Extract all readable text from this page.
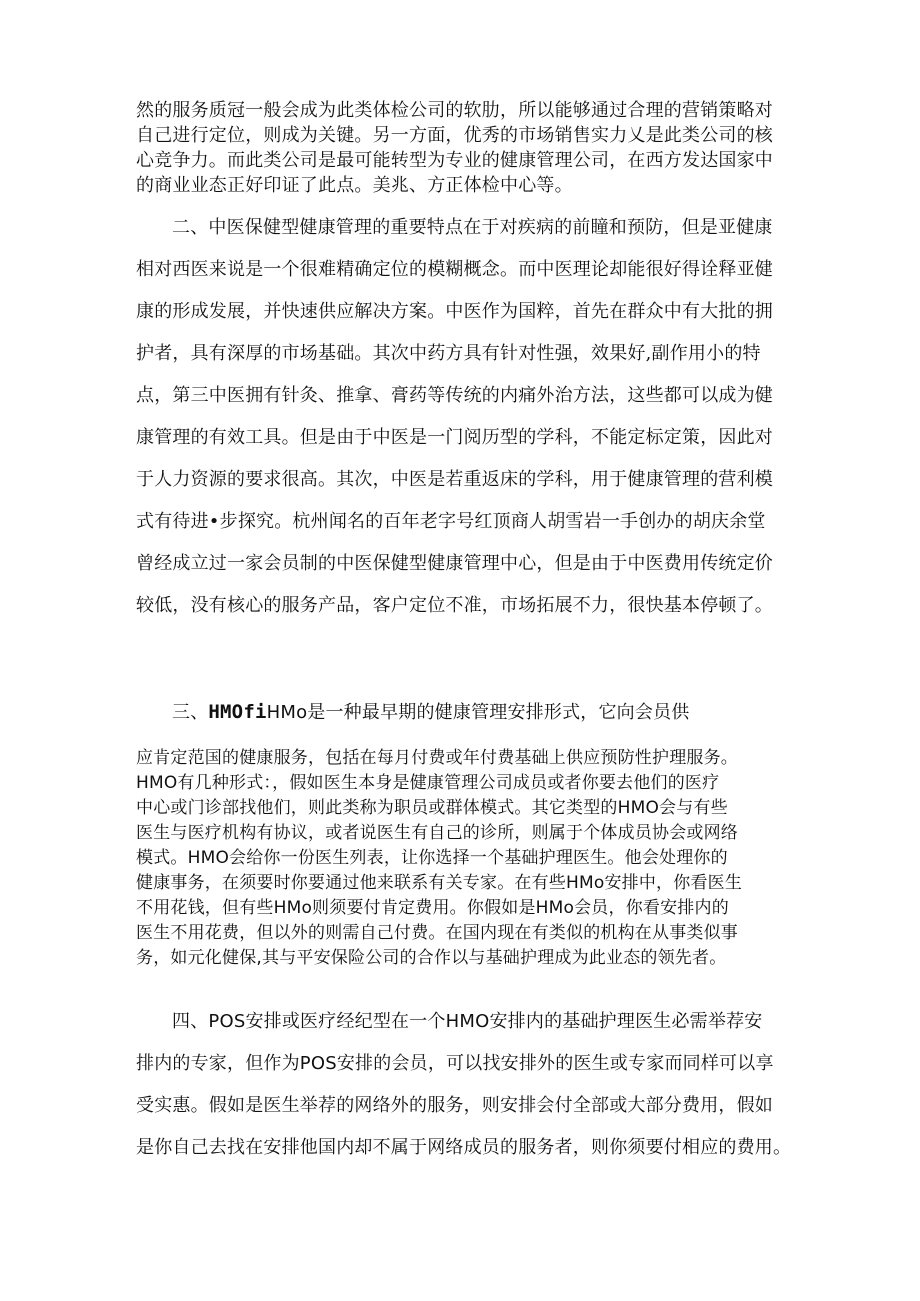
然的服务质冠一般会成为此类体检公司的软肋，所以能够通过合理的营销策略对
自己进行定位，则成为关键。另一方面，优秀的市场销售实力乂是此类公司的核
心竞争力。而此类公司是最可能转型为专业的健康管理公司，在西方发达国家中
的商业业态正好印证了此点。美兆、方正体检中心等。
二、中医保健型健康管理的重要特点在于对疾病的前瞳和预防，但是亚健康
相对西医来说是一个很难精确定位的模糊概念。而中医理论却能很好得诠释亚健
康的形成发展，并快速供应解决方案。中医作为国粹，首先在群众中有大批的拥
护者，具有深厚的市场基础。其次中药方具有针对性强，效果好,副作用小的特
点，第三中医拥有针灸、推拿、膏药等传统的内痛外治方法，这些都可以成为健
康管理的有效工具。但是由于中医是一门阅历型的学科，不能定标定策，因此对
于人力资源的要求很高。其次，中医是若重返床的学科，用于健康管理的营利模
式有待进•步探究。杭州闻名的百年老字号红顶商人胡雪岩一手创办的胡庆余堂
曾经成立过一家会员制的中医保健型健康管理中心，但是由于中医费用传统定价
较低，没有核心的服务产品，客户定位不准，市场拓展不力，很快基本停顿了。
三、HMOfiHMo是一种最早期的健康管理安排形式，它向会员供
应肯定范国的健康服务，包括在每月付费或年付费基础上供应预防性护理服务。
HMO有几种形式：，假如医生本身是健康管理公司成员或者你要去他们的医疗
中心或门诊部找他们，则此类称为职员或群体模式。其它类型的HMO会与有些
医生与医疗机构有协议，或者说医生有自己的诊所，则属于个体成员协会或网络
模式。HMO会给你一份医生列表，让你选择一个基础护理医生。他会处理你的
健康事务，在须要时你要通过他来联系有关专家。在有些HMo安排中，你看医生
不用花钱，但有些HMo则须要付肯定费用。你假如是HMo会员，你看安排内的
医生不用花费，但以外的则需自己付费。在国内现在有类似的机构在从事类似事
务，如元化健保,其与平安保险公司的合作以与基础护理成为此业态的领先者。
四、POS安排或医疗经纪型在一个HMO安排内的基础护理医生必需举荐安
排内的专家，但作为POS安排的会员，可以找安排外的医生或专家而同样可以享
受实惠。假如是医生举荐的网络外的服务，则安排会付全部或大部分费用，假如
是你自己去找在安排他国内却不属于网络成员的服务者，则你须要付相应的费用。
